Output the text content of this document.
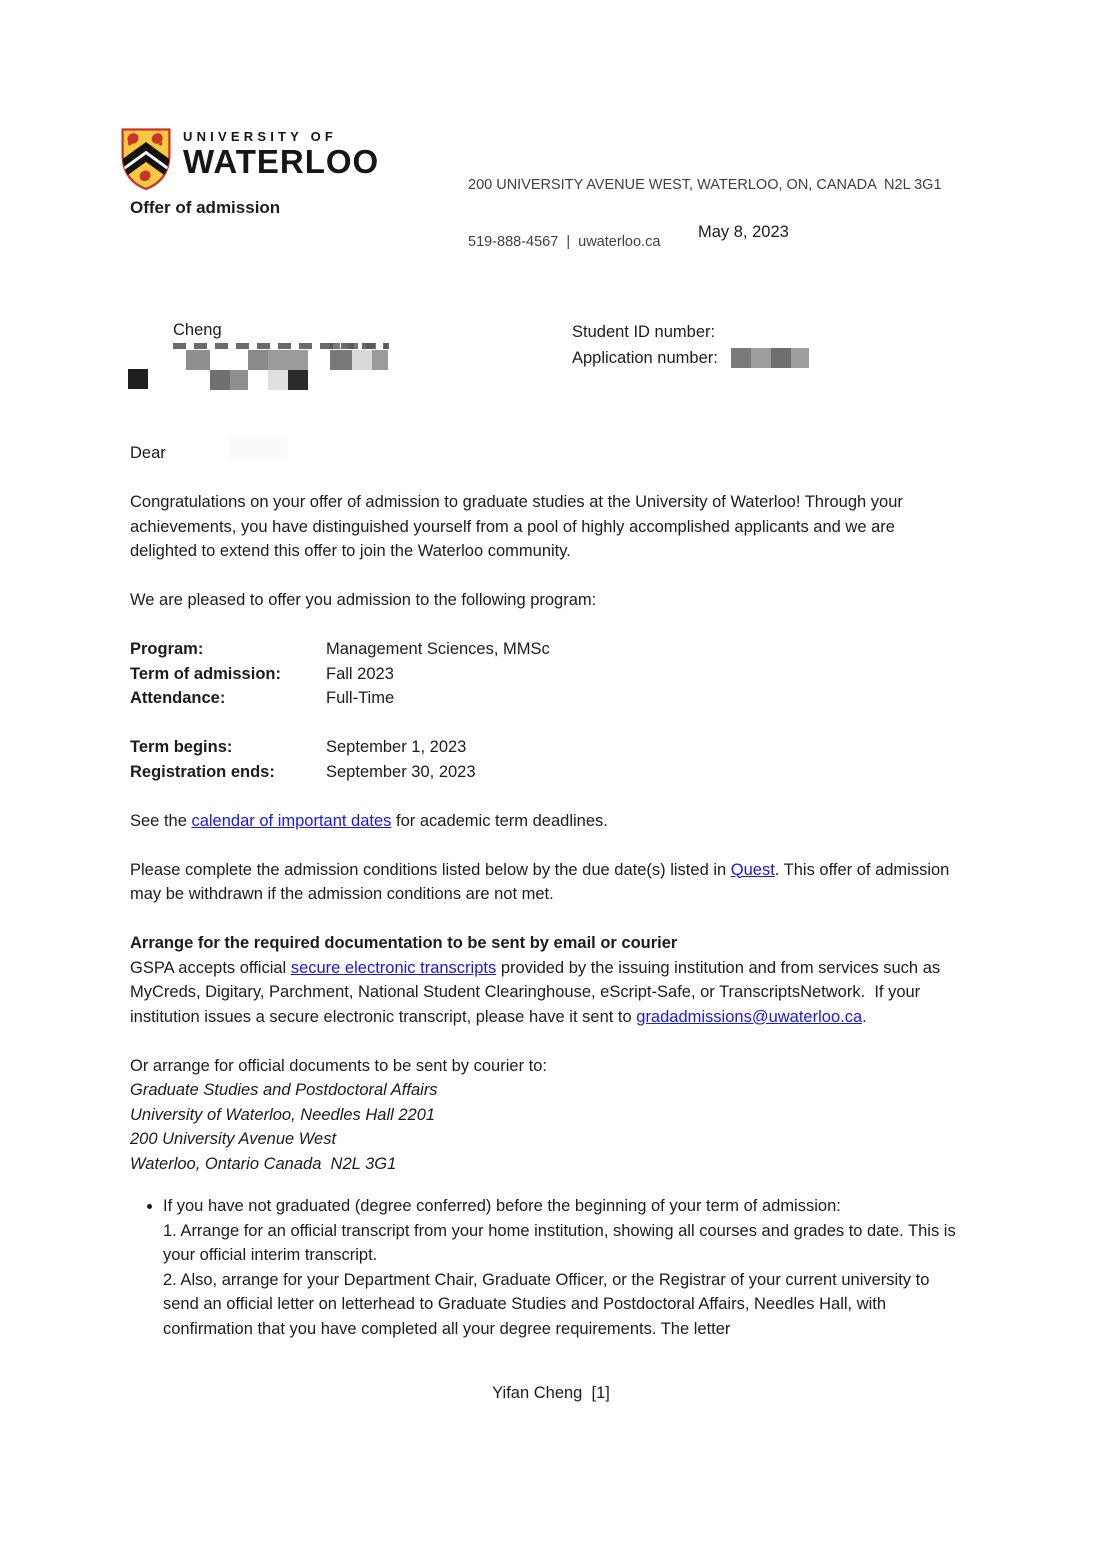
UNIVERSITY OF
WATERLOO

200 UNIVERSITY AVENUE WEST, WATERLOO, ON, CANADA  N2L 3G1

519-888-4567  |  uwaterloo.ca

Offer of admission
May 8, 2023
Cheng	Student ID number:
Application number:

Dear

Congratulations on your offer of admission to graduate studies at the University of Waterloo! Through your achievements, you have distinguished yourself from a pool of highly accomplished applicants and we are delighted to extend this offer to join the Waterloo community.

We are pleased to offer you admission to the following program:

Program:	Management Sciences, MMSc
Term of admission:	Fall 2023
Attendance:	Full-Time
Term begins:	September 1, 2023
Registration ends:	September 30, 2023

See the calendar of important dates for academic term deadlines.

Please complete the admission conditions listed below by the due date(s) listed in Quest. This offer of admission may be withdrawn if the admission conditions are not met.

Arrange for the required documentation to be sent by email or courier
GSPA accepts official secure electronic transcripts provided by the issuing institution and from services such as MyCreds, Digitary, Parchment, National Student Clearinghouse, eScript-Safe, or TranscriptsNetwork.  If your institution issues a secure electronic transcript, please have it sent to gradadmissions@uwaterloo.ca.

Or arrange for official documents to be sent by courier to:
Graduate Studies and Postdoctoral Affairs
University of Waterloo, Needles Hall 2201
200 University Avenue West
Waterloo, Ontario Canada  N2L 3G1

• If you have not graduated (degree conferred) before the beginning of your term of admission:
1. Arrange for an official transcript from your home institution, showing all courses and grades to date. This is your official interim transcript.
2. Also, arrange for your Department Chair, Graduate Officer, or the Registrar of your current university to send an official letter on letterhead to Graduate Studies and Postdoctoral Affairs, Needles Hall, with confirmation that you have completed all your degree requirements. The letter
Yifan Cheng  [1]
